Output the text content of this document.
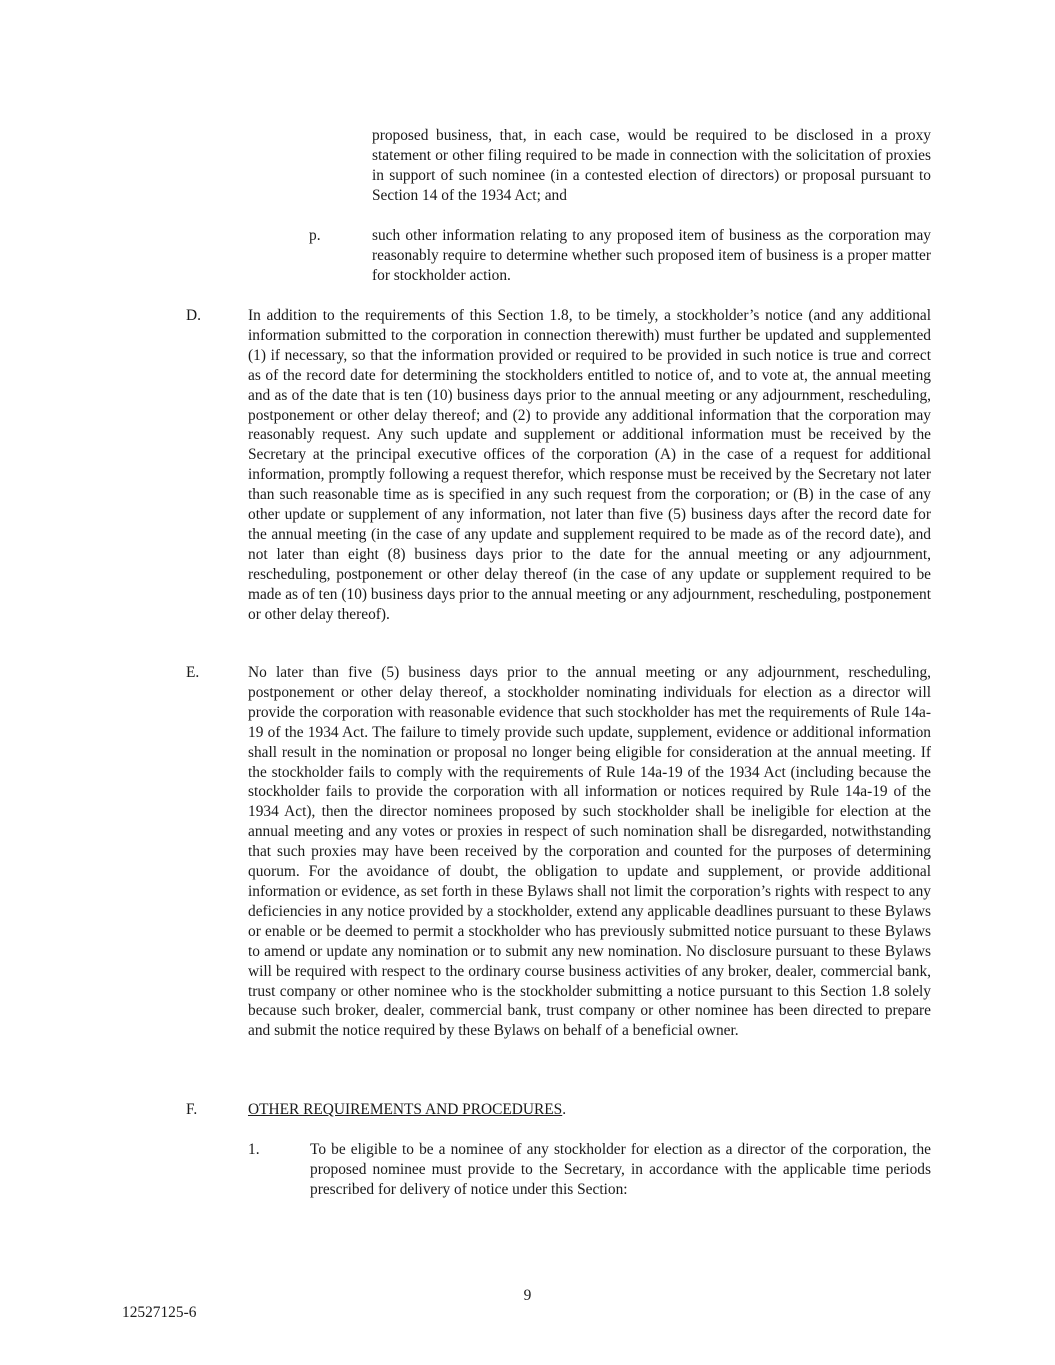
proposed business, that, in each case, would be required to be disclosed in a proxy statement or other filing required to be made in connection with the solicitation of proxies in support of such nominee (in a contested election of directors) or proposal pursuant to Section 14 of the 1934 Act; and

p.	such other information relating to any proposed item of business as the corporation may reasonably require to determine whether such proposed item of business is a proper matter for stockholder action.

D.	In addition to the requirements of this Section 1.8, to be timely, a stockholder’s notice (and any additional information submitted to the corporation in connection therewith) must further be updated and supplemented (1) if necessary, so that the information provided or required to be provided in such notice is true and correct as of the record date for determining the stockholders entitled to notice of, and to vote at, the annual meeting and as of the date that is ten (10) business days prior to the annual meeting or any adjournment, rescheduling, postponement or other delay thereof; and (2) to provide any additional information that the corporation may reasonably request. Any such update and supplement or additional information must be received by the Secretary at the principal executive offices of the corporation (A) in the case of a request for additional information, promptly following a request therefor, which response must be received by the Secretary not later than such reasonable time as is specified in any such request from the corporation; or (B) in the case of any other update or supplement of any information, not later than five (5) business days after the record date for the annual meeting (in the case of any update and supplement required to be made as of the record date), and not later than eight (8) business days prior to the date for the annual meeting or any adjournment, rescheduling, postponement or other delay thereof (in the case of any update or supplement required to be made as of ten (10) business days prior to the annual meeting or any adjournment, rescheduling, postponement or other delay thereof).

E.	No later than five (5) business days prior to the annual meeting or any adjournment, rescheduling, postponement or other delay thereof, a stockholder nominating individuals for election as a director will provide the corporation with reasonable evidence that such stockholder has met the requirements of Rule 14a-19 of the 1934 Act. The failure to timely provide such update, supplement, evidence or additional information shall result in the nomination or proposal no longer being eligible for consideration at the annual meeting. If the stockholder fails to comply with the requirements of Rule 14a-19 of the 1934 Act (including because the stockholder fails to provide the corporation with all information or notices required by Rule 14a-19 of the 1934 Act), then the director nominees proposed by such stockholder shall be ineligible for election at the annual meeting and any votes or proxies in respect of such nomination shall be disregarded, notwithstanding that such proxies may have been received by the corporation and counted for the purposes of determining quorum. For the avoidance of doubt, the obligation to update and supplement, or provide additional information or evidence, as set forth in these Bylaws shall not limit the corporation’s rights with respect to any deficiencies in any notice provided by a stockholder, extend any applicable deadlines pursuant to these Bylaws or enable or be deemed to permit a stockholder who has previously submitted notice pursuant to these Bylaws to amend or update any nomination or to submit any new nomination. No disclosure pursuant to these Bylaws will be required with respect to the ordinary course business activities of any broker, dealer, commercial bank, trust company or other nominee who is the stockholder submitting a notice pursuant to this Section 1.8 solely because such broker, dealer, commercial bank, trust company or other nominee has been directed to prepare and submit the notice required by these Bylaws on behalf of a beneficial owner.

F.	OTHER REQUIREMENTS AND PROCEDURES.

1.	To be eligible to be a nominee of any stockholder for election as a director of the corporation, the proposed nominee must provide to the Secretary, in accordance with the applicable time periods prescribed for delivery of notice under this Section:

9
12527125-6
